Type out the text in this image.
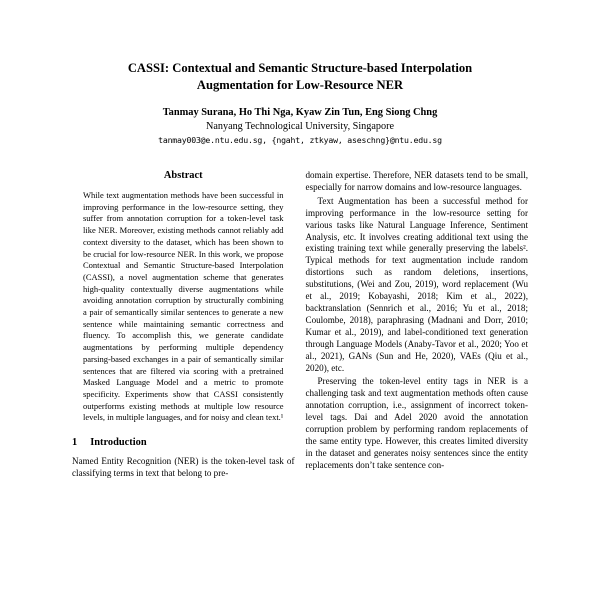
CASSI: Contextual and Semantic Structure-based Interpolation
Augmentation for Low-Resource NER
Tanmay Surana, Ho Thi Nga, Kyaw Zin Tun, Eng Siong Chng
Nanyang Technological University, Singapore
tanmay003@e.ntu.edu.sg, {ngaht, ztkyaw, aseschng}@ntu.edu.sg
Abstract
While text augmentation methods have been successful in improving performance in the low-resource setting, they suffer from annotation corruption for a token-level task like NER. Moreover, existing methods cannot reliably add context diversity to the dataset, which has been shown to be crucial for low-resource NER. In this work, we propose Contextual and Semantic Structure-based Interpolation (CASSI), a novel augmentation scheme that generates high-quality contextually diverse augmentations while avoiding annotation corruption by structurally combining a pair of semantically similar sentences to generate a new sentence while maintaining semantic correctness and fluency. To accomplish this, we generate candidate augmentations by performing multiple dependency parsing-based exchanges in a pair of semantically similar sentences that are filtered via scoring with a pretrained Masked Language Model and a metric to promote specificity. Experiments show that CASSI consistently outperforms existing methods at multiple low resource levels, in multiple languages, and for noisy and clean text.¹
1 Introduction

Named Entity Recognition (NER) is the token-level task of classifying terms in text that belong to pre-

domain expertise. Therefore, NER datasets tend to be small, especially for narrow domains and low-resource languages.

Text Augmentation has been a successful method for improving performance in the low-resource setting for various tasks like Natural Language Inference, Sentiment Analysis, etc. It involves creating additional text using the existing training text while generally preserving the labels². Typical methods for text augmentation include random distortions such as random deletions, insertions, substitutions, (Wei and Zou, 2019), word replacement (Wu et al., 2019; Kobayashi, 2018; Kim et al., 2022), backtranslation (Sennrich et al., 2016; Yu et al., 2018; Coulombe, 2018), paraphrasing (Madnani and Dorr, 2010; Kumar et al., 2019), and label-conditioned text generation through Language Models (Anaby-Tavor et al., 2020; Yoo et al., 2021), GANs (Sun and He, 2020), VAEs (Qiu et al., 2020), etc.

Preserving the token-level entity tags in NER is a challenging task and text augmentation methods often cause annotation corruption, i.e., assignment of incorrect token-level tags. Dai and Adel 2020 avoid the annotation corruption problem by performing random replacements of the same entity type. However, this creates limited diversity in the dataset and generates noisy sentences since the entity replacements don’t take sentence con-
